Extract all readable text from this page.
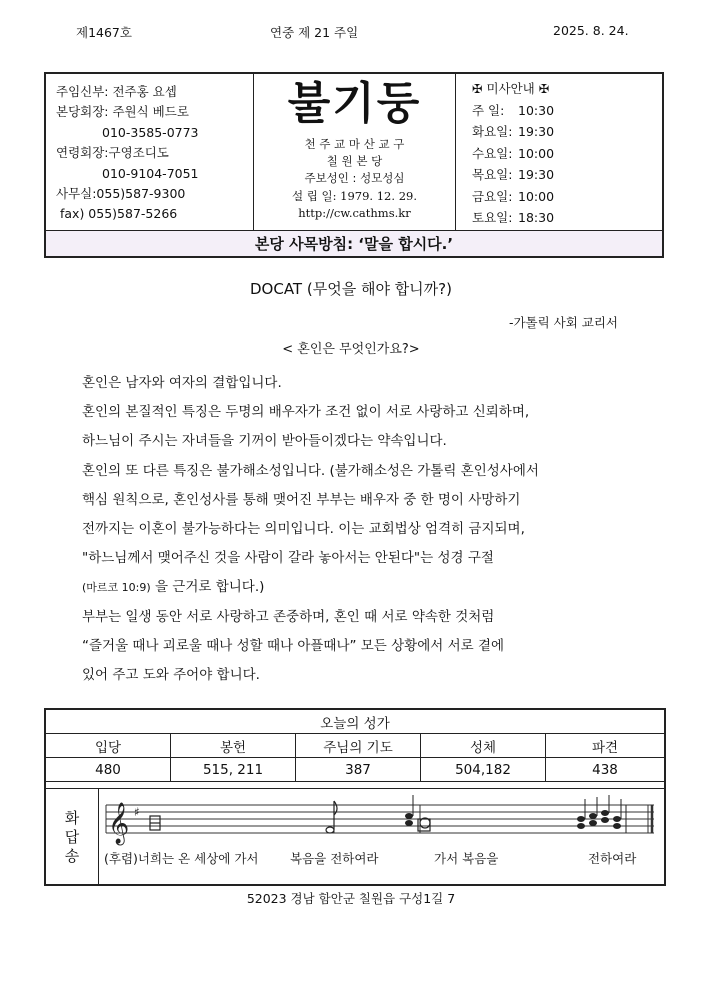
제1467호	연중 제 21 주일	2025. 8. 24.
주임신부: 전주홍 요셉
본당회장: 주원식 베드로
010-3585-0773
연령회장:구영조디도
010-9104-7051
사무실:055)587-9300
fax) 055)587-5266
불기둥
천 주 교 마 산 교 구
칠 원 본 당
주보성인 : 성모성심
설 립 일: 1979. 12. 29.
http://cw.cathms.kr
✠ 미사안내 ✠
주 일: 10:30
화요일: 19:30
수요일: 10:00
목요일: 19:30
금요일: 10:00
토요일: 18:30
본당 사목방침: ‘말을 합시다.’
DOCAT (무엇을 해야 합니까?)
-가톨릭 사회 교리서
< 혼인은 무엇인가요?>

혼인은 남자와 여자의 결합입니다.

혼인의 본질적인 특징은 두명의 배우자가 조건 없이 서로 사랑하고 신뢰하며,

하느님이 주시는 자녀들을 기꺼이 받아들이겠다는 약속입니다.

혼인의 또 다른 특징은 불가해소성입니다. (불가해소성은 가톨릭 혼인성사에서

핵심 원칙으로, 혼인성사를 통해 맺어진 부부는 배우자 중 한 명이 사망하기

전까지는 이혼이 불가능하다는 의미입니다. 이는 교회법상 엄격히 금지되며,

"하느님께서 맺어주신 것을 사람이 갈라 놓아서는 안된다"는 성경 구절

(마르코 10:9) 을 근거로 합니다.)

부부는 일생 동안 서로 사랑하고 존중하며, 혼인 때 서로 약속한 것처럼

“즐거울 때나 괴로울 때나 성할 때나 아플때나” 모든 상황에서 서로 곁에

있어 주고 도와 주어야 합니다.

오늘의 성가				
입당	봉헌	주님의 기도	성체	파견
480	515, 211	387	504,182	438
화
답
송
𝄞 ♯
(후렴)너희는 온 세상에 가서	복음을 전하여라	가서 복음을	전하여라
52023 경남 함안군 칠원읍 구성1길 7
